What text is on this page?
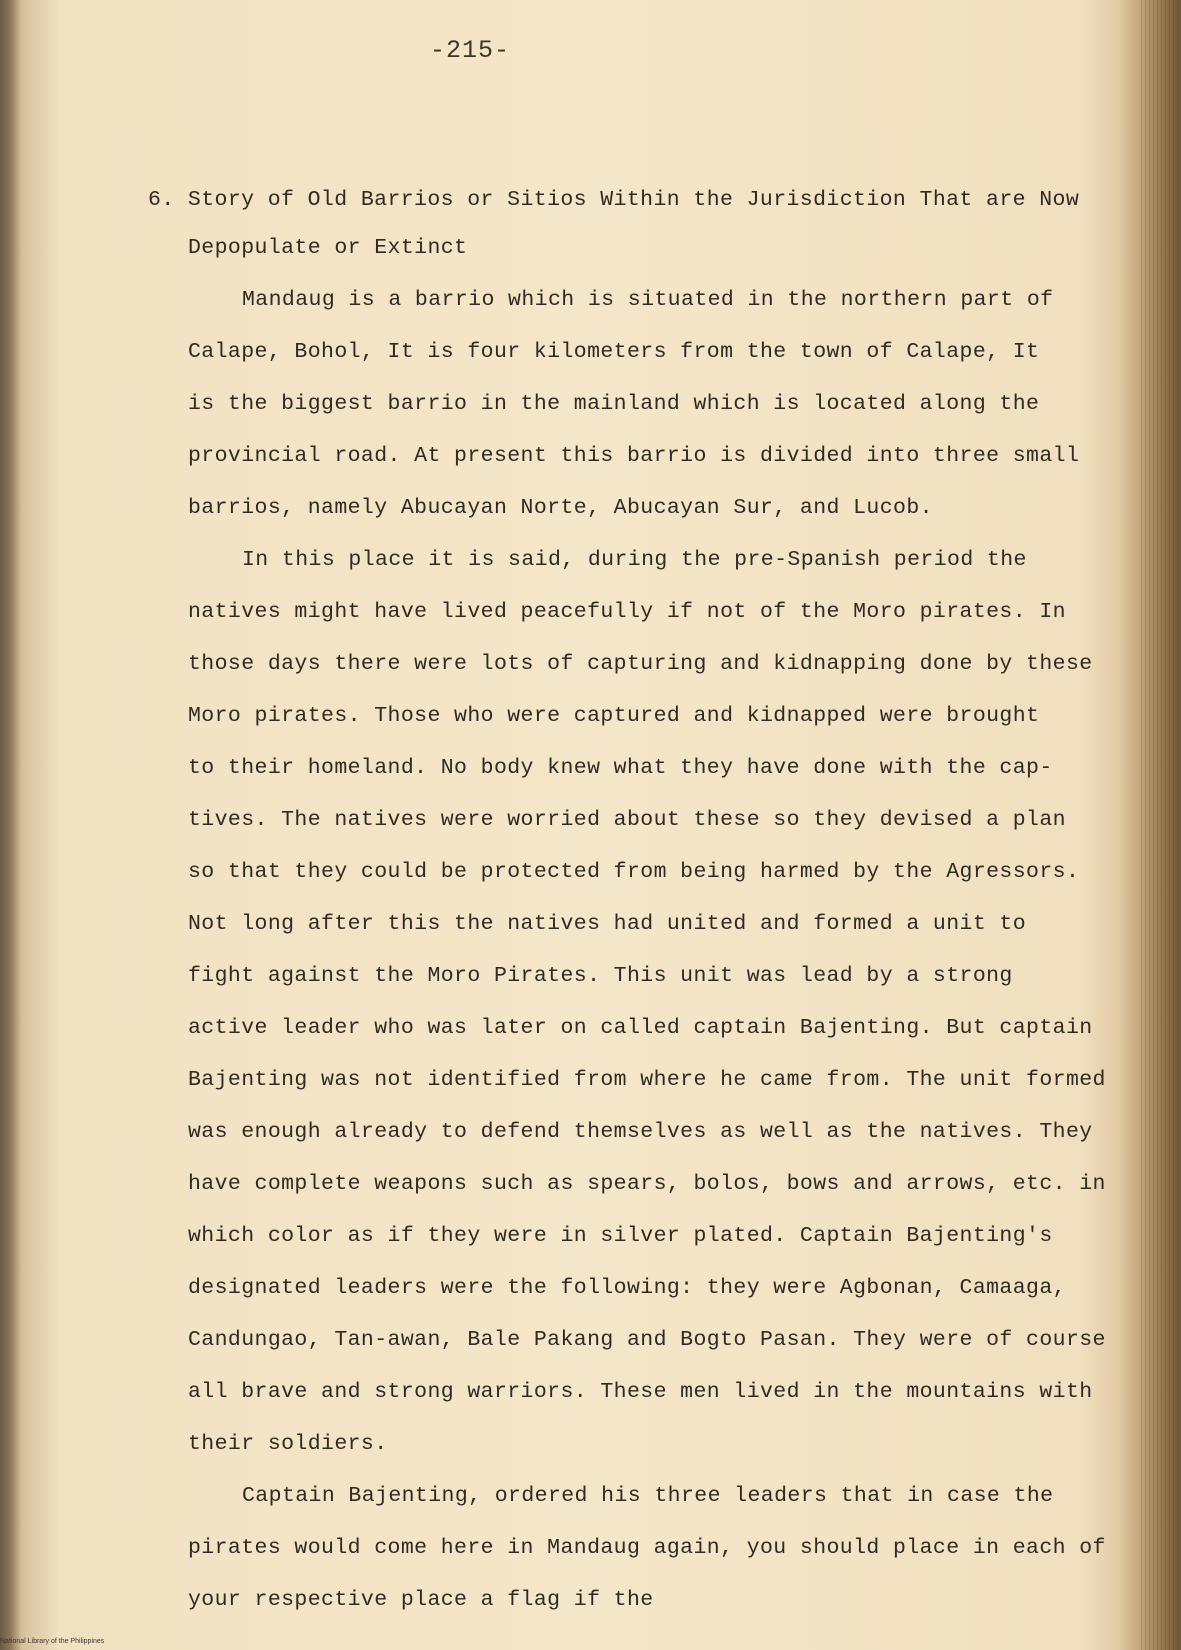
-215-
6. Story of Old Barrios or Sitios Within the Jurisdiction That are Now
Depopulate or Extinct
Mandaug is a barrio which is situated in the northern part of
Calape, Bohol, It is four kilometers from the town of Calape, It
is the biggest barrio in the mainland which is located along the
provincial road. At present this barrio is divided into three small
barrios, namely Abucayan Norte, Abucayan Sur, and Lucob.
In this place it is said, during the pre-Spanish period the
natives might have lived peacefully if not of the Moro pirates. In
those days there were lots of capturing and kidnapping done by these
Moro pirates. Those who were captured and kidnapped were brought
to their homeland. No body knew what they have done with the cap-
tives. The natives were worried about these so they devised a plan
so that they could be protected from being harmed by the Agressors.
Not long after this the natives had united and formed a unit to
fight against the Moro Pirates. This unit was lead by a strong
active leader who was later on called captain Bajenting. But captain
Bajenting was not identified from where he came from. The unit formed
was enough already to defend themselves as well as the natives. They
have complete weapons such as spears, bolos, bows and arrows, etc. in
which color as if they were in silver plated. Captain Bajenting's
designated leaders were the following: they were Agbonan, Camaaga,
Candungao, Tan-awan, Bale Pakang and Bogto Pasan. They were of course
all brave and strong warriors. These men lived in the mountains with
their soldiers.
Captain Bajenting, ordered his three leaders that in case the
pirates would come here in Mandaug again, you should place in each of
your respective place a flag if the
National Library of the Philippines
